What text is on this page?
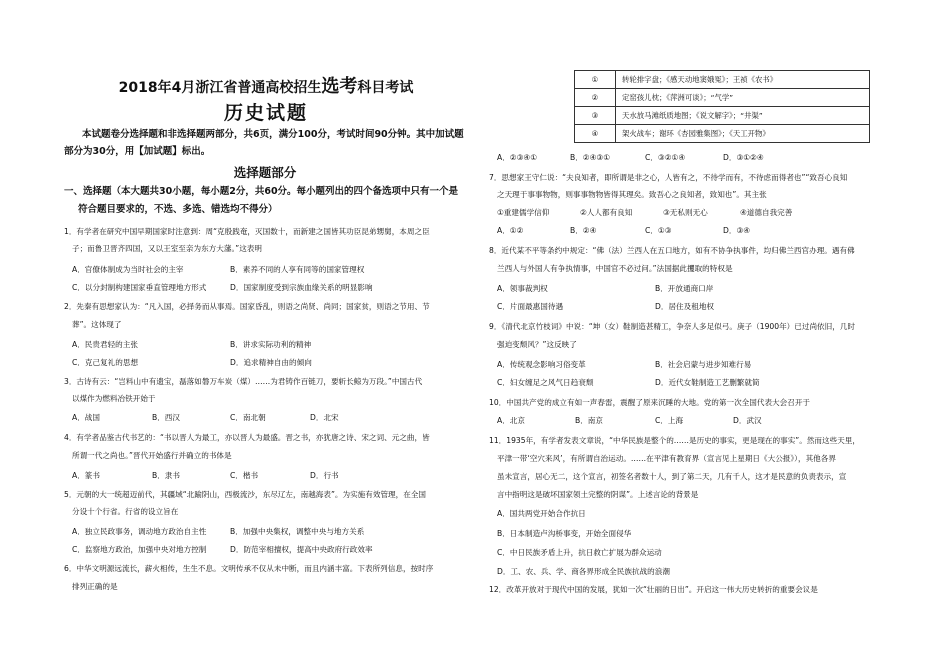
2018年4月浙江省普通高校招生选考科目考试
历史试题
本试题卷分选择题和非选择题两部分，共6页，满分100分，考试时间90分钟。其中加试题
部分为30分，用【加试题】标出。
选择题部分
一、选择题（本大题共30小题，每小题2分，共60分。每小题列出的四个备选项中只有一个是
符合题目要求的，不选、多选、错选均不得分）
1．有学者在研究中国早期国家时注意到：周“克殷践奄，灭国数十，而新建之国皆其功臣昆弟甥舅，本周之臣
子；而鲁卫晋齐四国，又以王室至亲为东方大藩。”这表明
A．官僚体制成为当时社会的主宰	B．素养不同的人享有同等的国家管理权
C．以分封制构建国家垂直管理地方形式	D．国家制度受到宗族血缘关系的明显影响
2．先秦有思想家认为：“凡入国，必择务而从事焉。国家昏乱，则语之尚贤、尚同；国家贫，则语之节用、节
葬”。这体现了
A．民贵君轻的主张	B．讲求实际功利的精神
C．克己复礼的思想	D．追求精神自由的倾向
3．古诗有云：“岂料山中有遗宝，磊落如磐万车炭（煤）……为君铸作百链刀，要斩长鲸为万段。”中国古代
以煤作为燃料冶铁开始于
A．战国	B．西汉	C．南北朝	D．北宋
4．有学者品鉴古代书艺的：“书以晋人为最工，亦以晋人为最盛。晋之书，亦犹唐之诗、宋之词、元之曲，皆
所谓一代之尚也。”晋代开始盛行并确立的书体是
A．篆书	B．隶书	C．楷书	D．行书
5．元朝的大一统超迈前代，其疆域“北踰阴山，西极流沙，东尽辽左，南越海表”。为实施有效管理，在全国
分设十个行省。行省的设立旨在
A．独立民政事务，调动地方政治自主性	B．加强中央集权，调整中央与地方关系
C．监察地方政治，加强中央对地方控制	D．防范宰相擅权，提高中央政府行政效率
6．中华文明源远流长，薪火相传，生生不息。文明传承不仅从未中断，而且内涵丰富。下表所列信息，按时序
排列正确的是
①	转轮排字盘；《感天动地窦娥冤》；王祯《农书》
②	定窑孩儿枕；《萍洲可谈》；“气学”
③	天水放马滩纸质地图；《说文解字》；“井渠”
④	架火战车；谢环《杏园雅集图》；《天工开物》
A．②③④①	B．②④③①	C．③②①④	D．③①②④
7．思想家王守仁说：“夫良知者，即所谓是非之心，人皆有之，不待学而有，不待虑而得者也”“致吾心良知
之天理于事事物物，则事事物物皆得其理矣。致吾心之良知者，致知也”。其主张
①重建儒学信仰	②人人都有良知	③无私则无心	④道德自我完善
A．①②	B．②④	C．①③	D．③④
8．近代某不平等条约中规定：“佛（法）兰西人在五口地方，如有不协争执事件，均归佛兰西官办理。遇有佛
兰西人与外国人有争执情事，中国官不必过问。”法国据此攫取的特权是
A．领事裁判权	B．开放通商口岸
C．片面最惠国待遇	D．居住及租地权
9．《清代北京竹枝词》中说：“坤（女）鞋制造甚精工，争奈人多足似弓。庚子（1900年）已过尚依旧，几时
强迫变颓风？”这反映了
A．传统观念影响习俗变革	B．社会启蒙与进步知难行易
C．妇女缠足之风气日趋衰颓	D．近代女鞋制造工艺删繁就简
10．中国共产党的成立有如一声春雷，震醒了原来沉睡的大地。党的第一次全国代表大会召开于
A．北京	B．南京	C．上海	D．武汉
11．1935年，有学者发表文章说，“中华民族是整个的……是历史的事实，更是现在的事实”。然而这些天里，
平津一带‘空穴来风’，有所谓自治运动。……在平津有教育界（宣言见上星期日《大公报》），其他各界
虽未宣言，居心无二，这个宣言，初签名者数十人，到了第二天，几有千人，这才是民意的负责表示，宣
言中指明这是破坏国家领土完整的阴谋”。上述言论的背景是
A．国共两党开始合作抗日
B．日本制造卢沟桥事变，开始全面侵华
C．中日民族矛盾上升，抗日救亡扩展为群众运动
D．工、农、兵、学、商各界形成全民族抗战的浪潮
12．改革开放对于现代中国的发展，犹如一次“壮丽的日出”。开启这一伟大历史转折的重要会议是
